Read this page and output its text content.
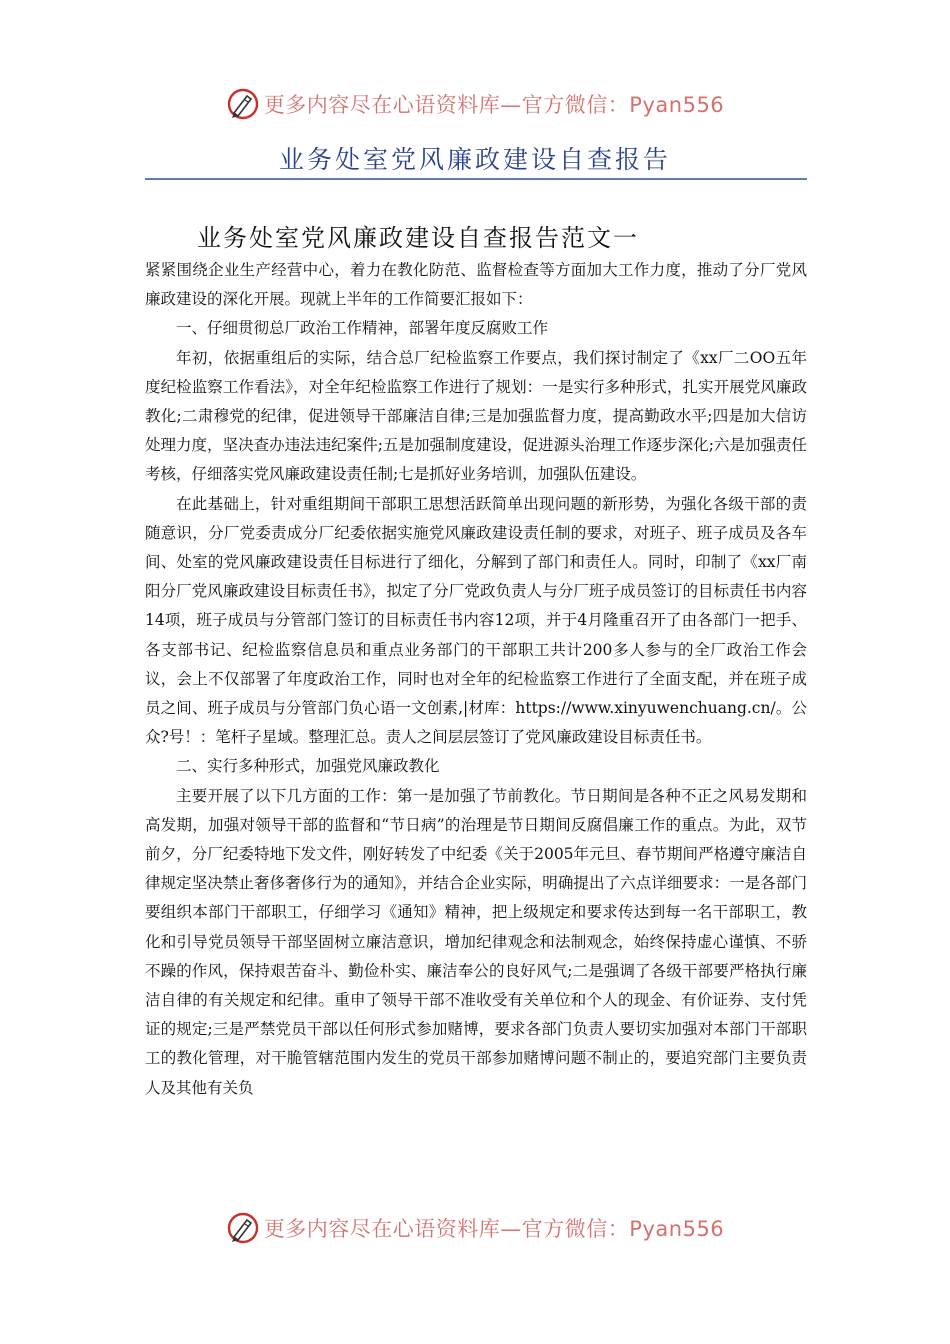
更多内容尽在心语资料库—官方微信：Pyan556
业务处室党风廉政建设自查报告
业务处室党风廉政建设自查报告范文一

紧紧围绕企业生产经营中心，着力在教化防范、监督检查等方面加大工作力度，推动了分厂党风廉政建设的深化开展。现就上半年的工作简要汇报如下：

一、仔细贯彻总厂政治工作精神，部署年度反腐败工作

年初，依据重组后的实际，结合总厂纪检监察工作要点，我们探讨制定了《xx厂二OO五年度纪检监察工作看法》，对全年纪检监察工作进行了规划：一是实行多种形式，扎实开展党风廉政教化;二肃穆党的纪律，促进领导干部廉洁自律;三是加强监督力度，提高勤政水平;四是加大信访处理力度，坚决查办违法违纪案件;五是加强制度建设，促进源头治理工作逐步深化;六是加强责任考核，仔细落实党风廉政建设责任制;七是抓好业务培训，加强队伍建设。

在此基础上，针对重组期间干部职工思想活跃简单出现问题的新形势，为强化各级干部的责随意识，分厂党委责成分厂纪委依据实施党风廉政建设责任制的要求，对班子、班子成员及各车间、处室的党风廉政建设责任目标进行了细化，分解到了部门和责任人。同时，印制了《xx厂南阳分厂党风廉政建设目标责任书》，拟定了分厂党政负责人与分厂班子成员签订的目标责任书内容14项，班子成员与分管部门签订的目标责任书内容12项，并于4月隆重召开了由各部门一把手、各支部书记、纪检监察信息员和重点业务部门的干部职工共计200多人参与的全厂政治工作会议，会上不仅部署了年度政治工作，同时也对全年的纪检监察工作进行了全面支配，并在班子成员之间、班子成员与分管部门负心语一文创素,|材库：https://www.xinyuwenchuang.cn/。公众?号！：笔杆子星域。整理汇总。责人之间层层签订了党风廉政建设目标责任书。

二、实行多种形式，加强党风廉政教化

主要开展了以下几方面的工作：第一是加强了节前教化。节日期间是各种不正之风易发期和高发期，加强对领导干部的监督和“节日病”的治理是节日期间反腐倡廉工作的重点。为此，双节前夕，分厂纪委特地下发文件，刚好转发了中纪委《关于2005年元旦、春节期间严格遵守廉洁自律规定坚决禁止奢侈奢侈行为的通知》，并结合企业实际，明确提出了六点详细要求：一是各部门要组织本部门干部职工，仔细学习《通知》精神，把上级规定和要求传达到每一名干部职工，教化和引导党员领导干部坚固树立廉洁意识，增加纪律观念和法制观念，始终保持虚心谨慎、不骄不躁的作风，保持艰苦奋斗、勤俭朴实、廉洁奉公的良好风气;二是强调了各级干部要严格执行廉洁自律的有关规定和纪律。重申了领导干部不准收受有关单位和个人的现金、有价证券、支付凭证的规定;三是严禁党员干部以任何形式参加赌博，要求各部门负责人要切实加强对本部门干部职工的教化管理，对干脆管辖范围内发生的党员干部参加赌博问题不制止的，要追究部门主要负责人及其他有关负

更多内容尽在心语资料库—官方微信：Pyan556
